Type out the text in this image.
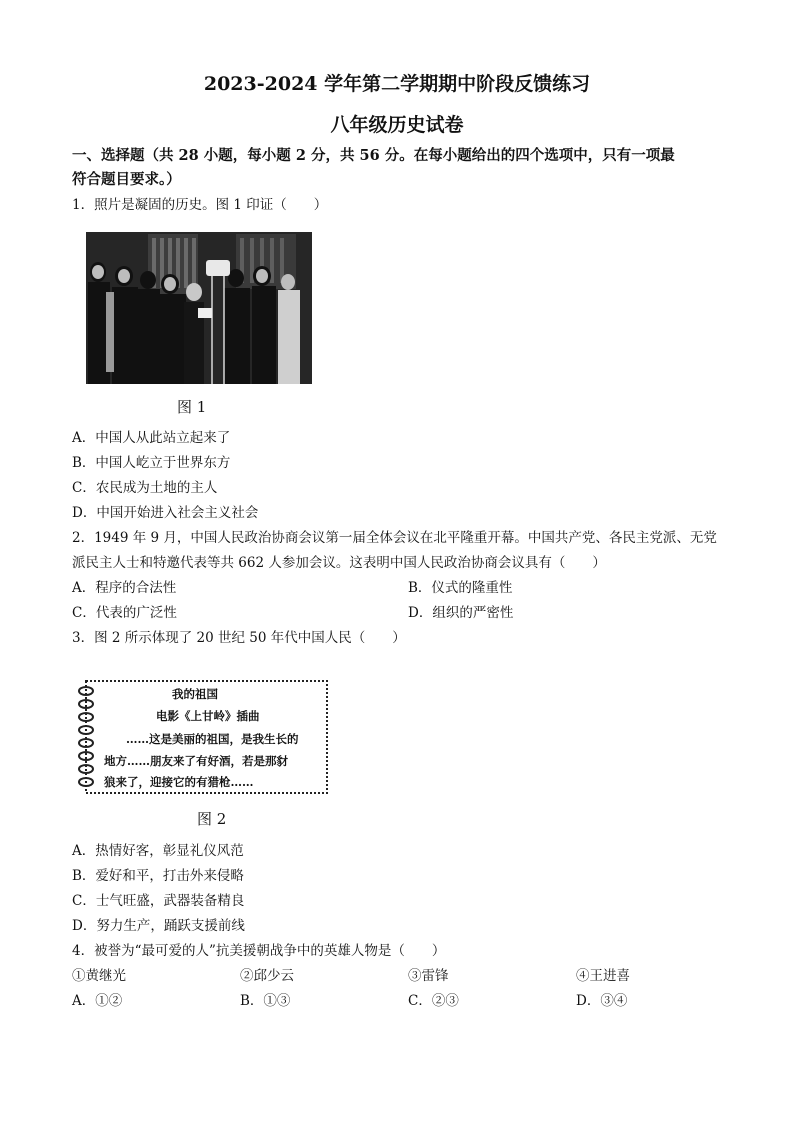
2023-2024 学年第二学期期中阶段反馈练习
八年级历史试卷
一、选择题（共 28 小题，每小题 2 分，共 56 分。在每小题给出的四个选项中，只有一项最
符合题目要求。）
1．照片是凝固的历史。图 1 印证（　　）
图 1
A．中国人从此站立起来了
B．中国人屹立于世界东方
C．农民成为土地的主人
D．中国开始进入社会主义社会
2．1949 年 9 月，中国人民政治协商会议第一届全体会议在北平隆重开幕。中国共产党、各民主党派、无党
派民主人士和特邀代表等共 662 人参加会议。这表明中国人民政治协商会议具有（　　）
A．程序的合法性	B．仪式的隆重性
C．代表的广泛性	D．组织的严密性
3．图 2 所示体现了 20 世纪 50 年代中国人民（　　）
我的祖国
电影《上甘岭》插曲
……这是美丽的祖国，是我生长的
地方……朋友来了有好酒，若是那豺
狼来了，迎接它的有猎枪……
图 2
A．热情好客，彰显礼仪风范
B．爱好和平，打击外来侵略
C．士气旺盛，武器装备精良
D．努力生产，踊跃支援前线
4．被誉为“最可爱的人”抗美援朝战争中的英雄人物是（　　）
①黄继光	②邱少云	③雷锋	④王进喜
A．①②	B．①③	C．②③	D．③④
